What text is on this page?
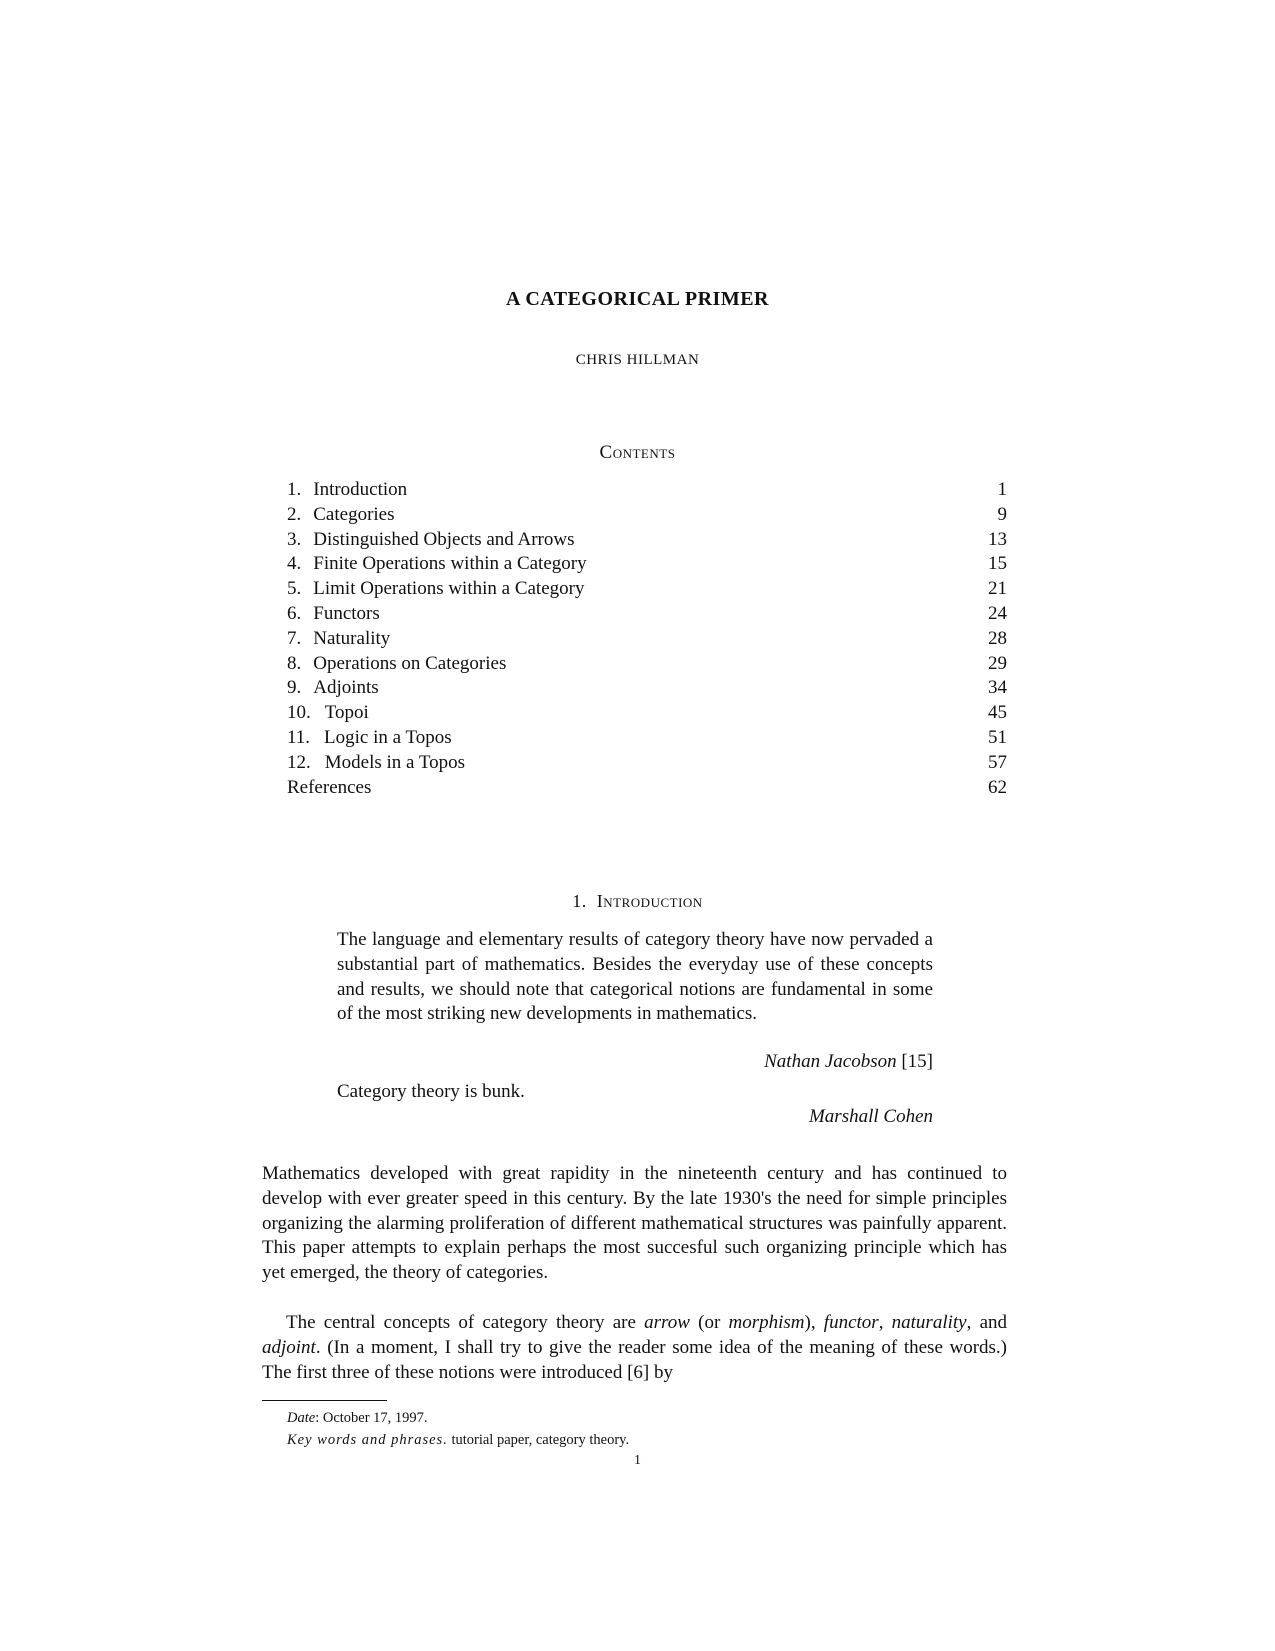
A CATEGORICAL PRIMER
CHRIS HILLMAN
Contents
1. Introduction	1
2. Categories	9
3. Distinguished Objects and Arrows	13
4. Finite Operations within a Category	15
5. Limit Operations within a Category	21
6. Functors	24
7. Naturality	28
8. Operations on Categories	29
9. Adjoints	34
10. Topoi	45
11. Logic in a Topos	51
12. Models in a Topos	57
References	62
1. Introduction
The language and elementary results of category theory have now pervaded a substantial part of mathematics. Besides the everyday use of these concepts and results, we should note that categorical notions are fundamental in some of the most striking new developments in mathematics.
Nathan Jacobson [15]
Category theory is bunk.
Marshall Cohen
Mathematics developed with great rapidity in the nineteenth century and has continued to develop with ever greater speed in this century. By the late 1930's the need for simple principles organizing the alarming proliferation of different mathematical structures was painfully apparent. This paper attempts to explain perhaps the most succesful such organizing principle which has yet emerged, the theory of categories.
The central concepts of category theory are arrow (or morphism), functor, naturality, and adjoint. (In a moment, I shall try to give the reader some idea of the meaning of these words.) The first three of these notions were introduced [6] by
Date: October 17, 1997.
Key words and phrases. tutorial paper, category theory.
1
